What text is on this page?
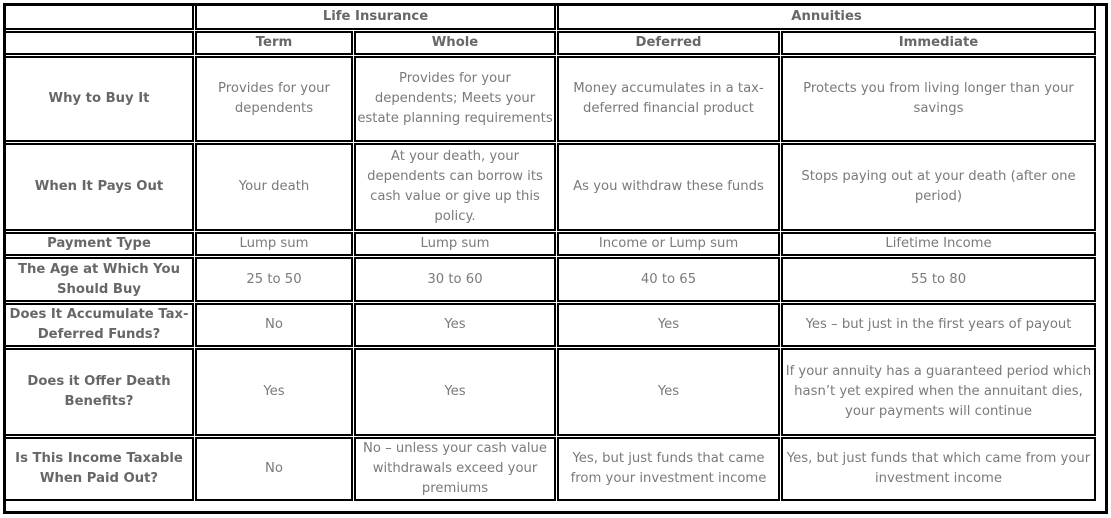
	Life Insurance		Annuities	
	Term	Whole	Deferred	Immediate
Why to Buy It	Provides for your dependents	Provides for your dependents; Meets your estate planning requirements	Money accumulates in a tax-deferred financial product	Protects you from living longer than your savings
When It Pays Out	Your death	At your death, your dependents can borrow its cash value or give up this policy.	As you withdraw these funds	Stops paying out at your death (after one period)
Payment Type	Lump sum	Lump sum	Income or Lump sum	Lifetime Income
The Age at Which You Should Buy	25 to 50	30 to 60	40 to 65	55 to 80
Does It Accumulate Tax-Deferred Funds?	No	Yes	Yes	Yes – but just in the first years of payout
Does it Offer Death Benefits?	Yes	Yes	Yes	If your annuity has a guaranteed period which hasn’t yet expired when the annuitant dies, your payments will continue
Is This Income Taxable When Paid Out?	No	No – unless your cash value withdrawals exceed your premiums	Yes, but just funds that came from your investment income	Yes, but just funds that which came from your investment income
